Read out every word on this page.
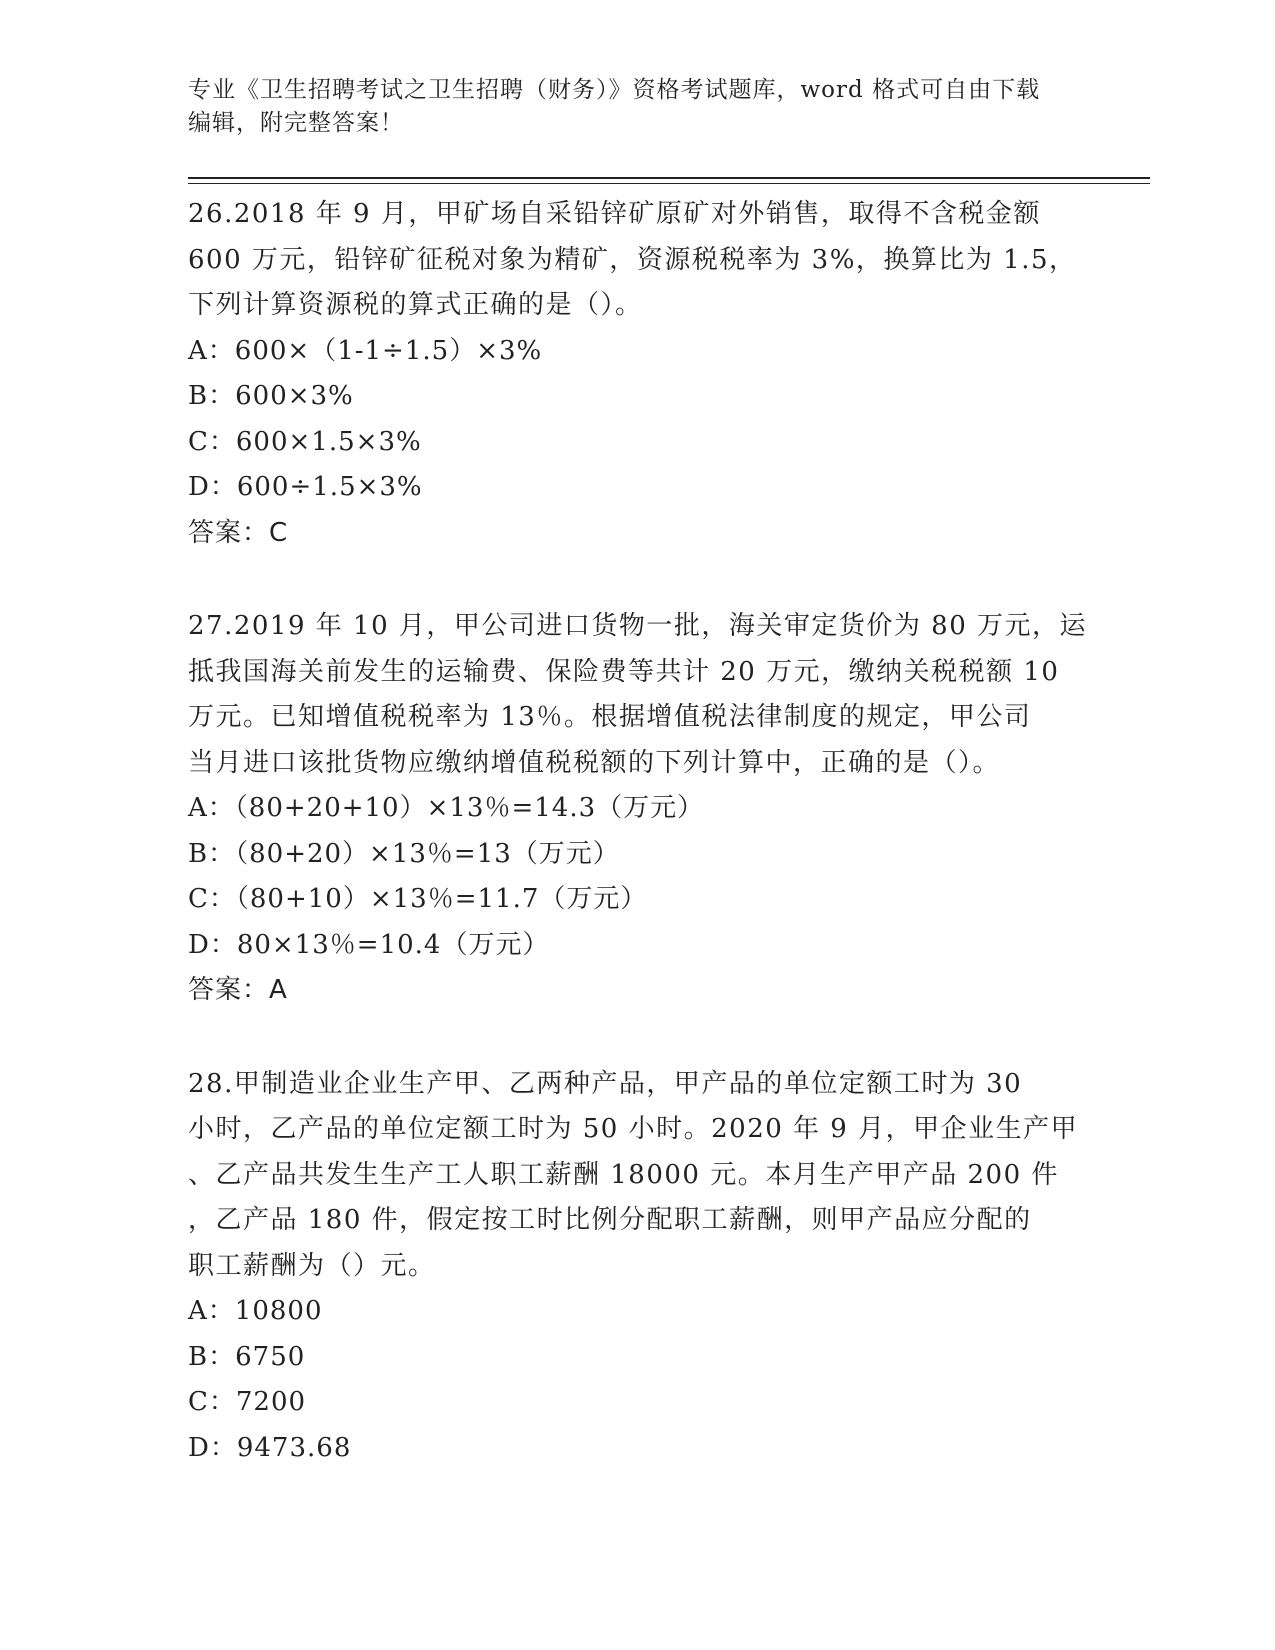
专业《卫生招聘考试之卫生招聘（财务）》资格考试题库，word 格式可自由下载
编辑，附完整答案！
26.2018 年 9 月，甲矿场自采铅锌矿原矿对外销售，取得不含税金额
600 万元，铅锌矿征税对象为精矿，资源税税率为 3%，换算比为 1.5，
下列计算资源税的算式正确的是（）。
A：600×（1-1÷1.5）×3%
B：600×3%
C：600×1.5×3%
D：600÷1.5×3%
答案：C
27.2019 年 10 月，甲公司进口货物一批，海关审定货价为 80 万元，运
抵我国海关前发生的运输费、保险费等共计 20 万元，缴纳关税税额 10
万元。已知增值税税率为 13％。根据增值税法律制度的规定，甲公司
当月进口该批货物应缴纳增值税税额的下列计算中，正确的是（）。
A：（80+20+10）×13％=14.3（万元）
B：（80+20）×13％=13（万元）
C：（80+10）×13％=11.7（万元）
D：80×13％=10.4（万元）
答案：A
28.甲制造业企业生产甲、乙两种产品，甲产品的单位定额工时为 30
小时，乙产品的单位定额工时为 50 小时。2020 年 9 月，甲企业生产甲
、乙产品共发生生产工人职工薪酬 18000 元。本月生产甲产品 200 件
，乙产品 180 件，假定按工时比例分配职工薪酬，则甲产品应分配的
职工薪酬为（）元。
A：10800
B：6750
C：7200
D：9473.68
